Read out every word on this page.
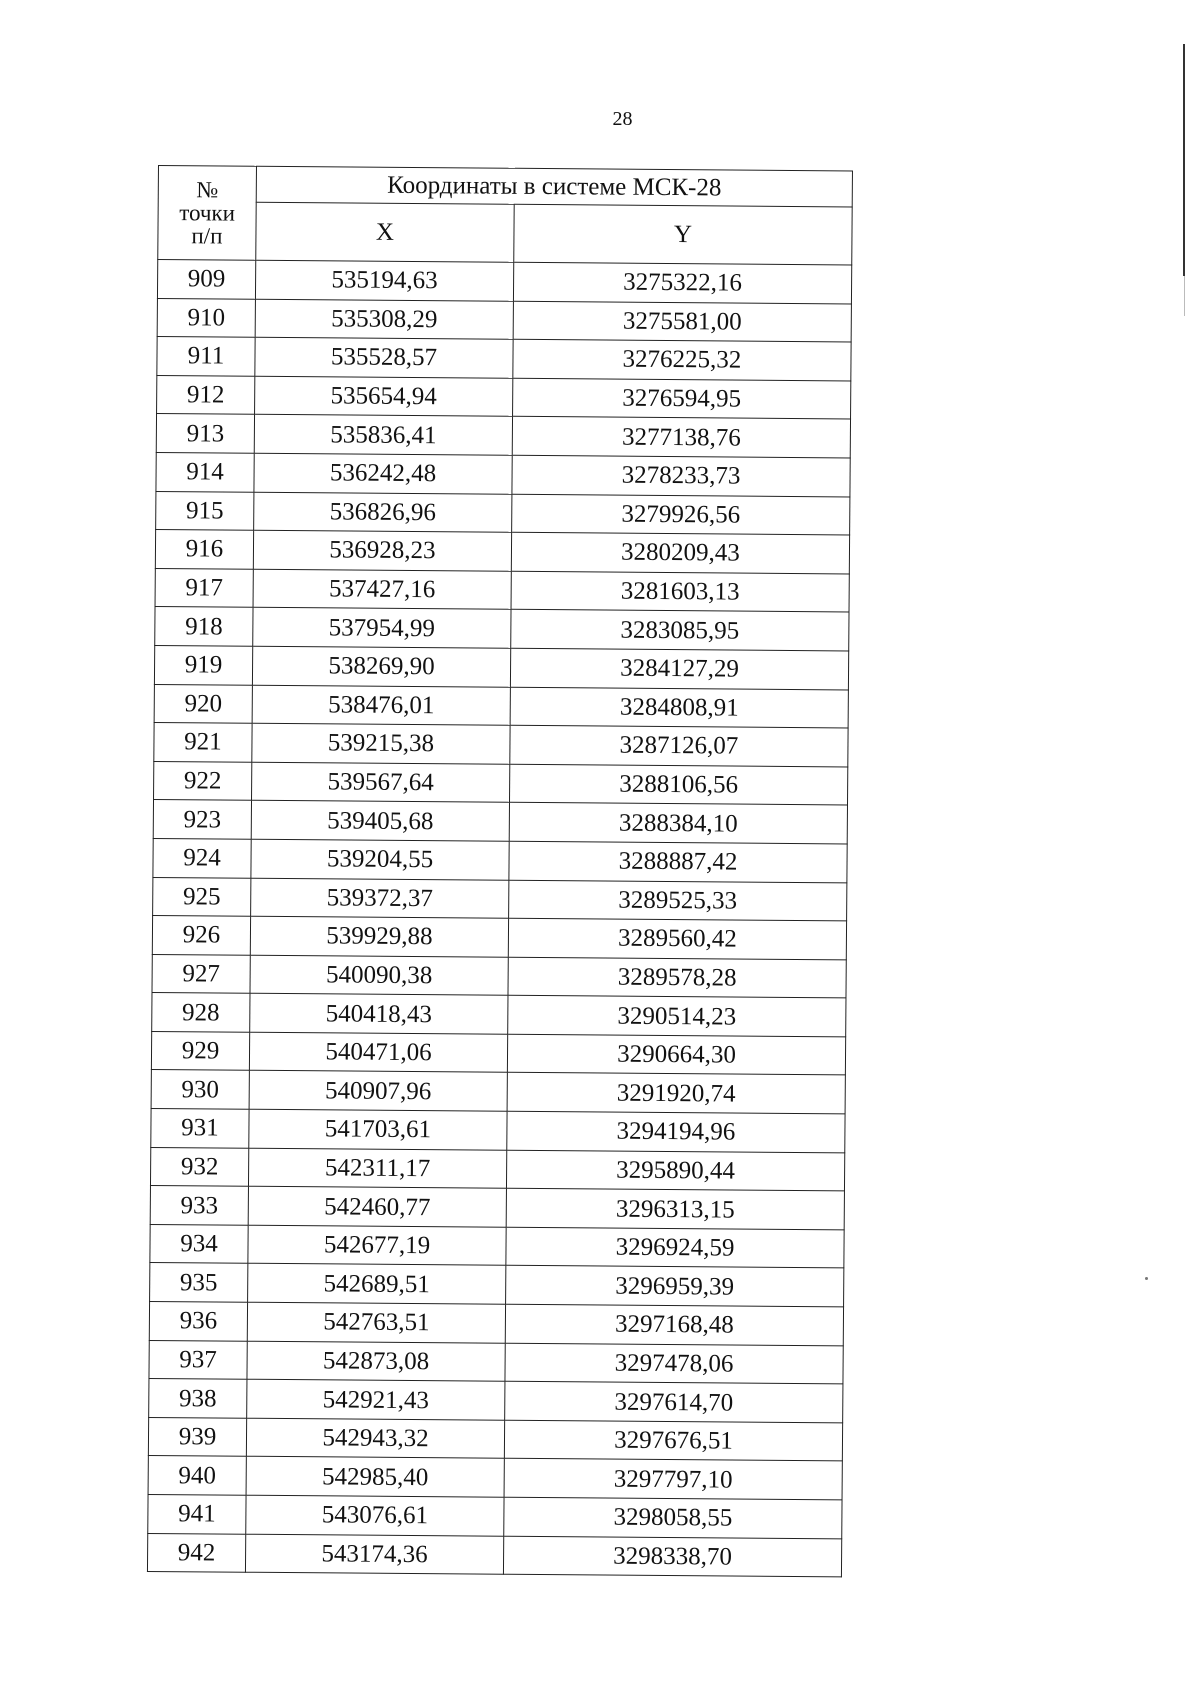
28
№
точки
п/п	Координаты в системе МСК-28	
	X	Y
909	535194,63	3275322,16
910	535308,29	3275581,00
911	535528,57	3276225,32
912	535654,94	3276594,95
913	535836,41	3277138,76
914	536242,48	3278233,73
915	536826,96	3279926,56
916	536928,23	3280209,43
917	537427,16	3281603,13
918	537954,99	3283085,95
919	538269,90	3284127,29
920	538476,01	3284808,91
921	539215,38	3287126,07
922	539567,64	3288106,56
923	539405,68	3288384,10
924	539204,55	3288887,42
925	539372,37	3289525,33
926	539929,88	3289560,42
927	540090,38	3289578,28
928	540418,43	3290514,23
929	540471,06	3290664,30
930	540907,96	3291920,74
931	541703,61	3294194,96
932	542311,17	3295890,44
933	542460,77	3296313,15
934	542677,19	3296924,59
935	542689,51	3296959,39
936	542763,51	3297168,48
937	542873,08	3297478,06
938	542921,43	3297614,70
939	542943,32	3297676,51
940	542985,40	3297797,10
941	543076,61	3298058,55
942	543174,36	3298338,70
